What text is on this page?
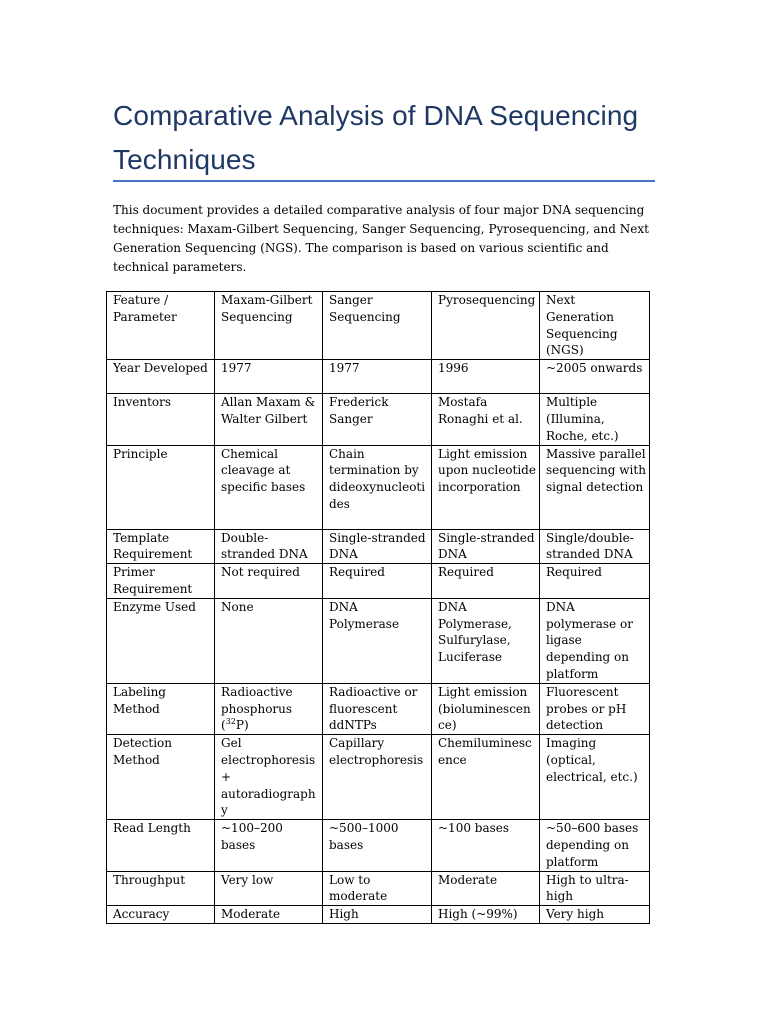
Comparative Analysis of DNA Sequencing Techniques

This document provides a detailed comparative analysis of four major DNA sequencing techniques: Maxam-Gilbert Sequencing, Sanger Sequencing, Pyrosequencing, and Next Generation Sequencing (NGS). The comparison is based on various scientific and technical parameters.

Feature / Parameter	Maxam-Gilbert Sequencing	Sanger Sequencing	Pyrosequencing	Next Generation Sequencing (NGS)
Year Developed	1977	1977	1996	~2005 onwards
Inventors	Allan Maxam & Walter Gilbert	Frederick Sanger	Mostafa Ronaghi et al.	Multiple (Illumina, Roche, etc.)
Principle	Chemical cleavage at specific bases	Chain termination by dideoxynucleotides	Light emission upon nucleotide incorporation	Massive parallel sequencing with signal detection
Template Requirement	Double-stranded DNA	Single-stranded DNA	Single-stranded DNA	Single/double-stranded DNA
Primer Requirement	Not required	Required	Required	Required
Enzyme Used	None	DNA Polymerase	DNA Polymerase, Sulfurylase, Luciferase	DNA polymerase or ligase depending on platform
Labeling Method	Radioactive phosphorus ($^{32}$P)	Radioactive or fluorescent ddNTPs	Light emission (bioluminescence)	Fluorescent probes or pH detection
Detection Method	Gel electrophoresis + autoradiography	Capillary electrophoresis	Chemiluminescence	Imaging (optical, electrical, etc.)
Read Length	~100–200 bases	~500–1000 bases	~100 bases	~50–600 bases depending on platform
Throughput	Very low	Low to moderate	Moderate	High to ultra-high
Accuracy	Moderate	High	High (~99%)	Very high
